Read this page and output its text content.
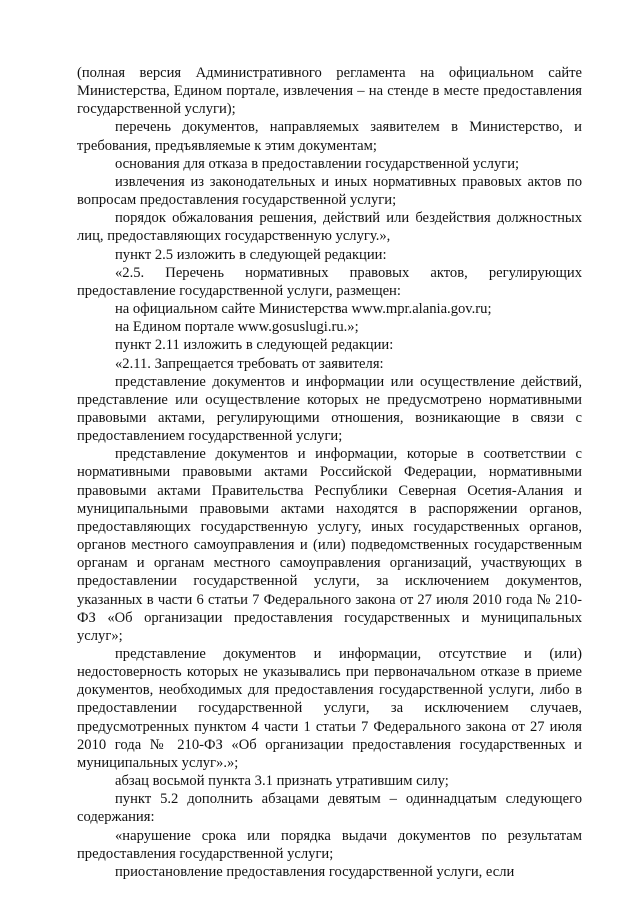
(полная версия Административного регламента на официальном сайте Министерства, Едином портале, извлечения – на стенде в месте предоставления государственной услуги);

перечень документов, направляемых заявителем в Министерство, и требования, предъявляемые к этим документам;

основания для отказа в предоставлении государственной услуги;

извлечения из законодательных и иных нормативных правовых актов по вопросам предоставления государственной услуги;

порядок обжалования решения, действий или бездействия должностных лиц, предоставляющих государственную услугу.»,

пункт 2.5 изложить в следующей редакции:

«2.5. Перечень нормативных правовых актов, регулирующих предоставление государственной услуги, размещен:

на официальном сайте Министерства www.mpr.alania.gov.ru;

на Едином портале www.gosuslugi.ru.»;

пункт 2.11 изложить в следующей редакции:

«2.11. Запрещается требовать от заявителя:

представление документов и информации или осуществление действий, представление или осуществление которых не предусмотрено нормативными правовыми актами, регулирующими отношения, возникающие в связи с предоставлением государственной услуги;

представление документов и информации, которые в соответствии с нормативными правовыми актами Российской Федерации, нормативными правовыми актами Правительства Республики Северная Осетия-Алания и муниципальными правовыми актами находятся в распоряжении органов, предоставляющих государственную услугу, иных государственных органов, органов местного самоуправления и (или) подведомственных государственным органам и органам местного самоуправления организаций, участвующих в предоставлении государственной услуги, за исключением документов, указанных в части 6 статьи 7 Федерального закона от 27 июля 2010 года № 210-ФЗ «Об организации предоставления государственных и муниципальных услуг»;

представление документов и информации, отсутствие и (или) недостоверность которых не указывались при первоначальном отказе в приеме документов, необходимых для предоставления государственной услуги, либо в предоставлении государственной услуги, за исключением случаев, предусмотренных пунктом 4 части 1 статьи 7 Федерального закона от 27 июля 2010 года № 210-ФЗ «Об организации предоставления государственных и муниципальных услуг».»;

абзац восьмой пункта 3.1 признать утратившим силу;

пункт 5.2 дополнить абзацами девятым – одиннадцатым следующего содержания:

«нарушение срока или порядка выдачи документов по результатам предоставления государственной услуги;

приостановление предоставления государственной услуги, если
